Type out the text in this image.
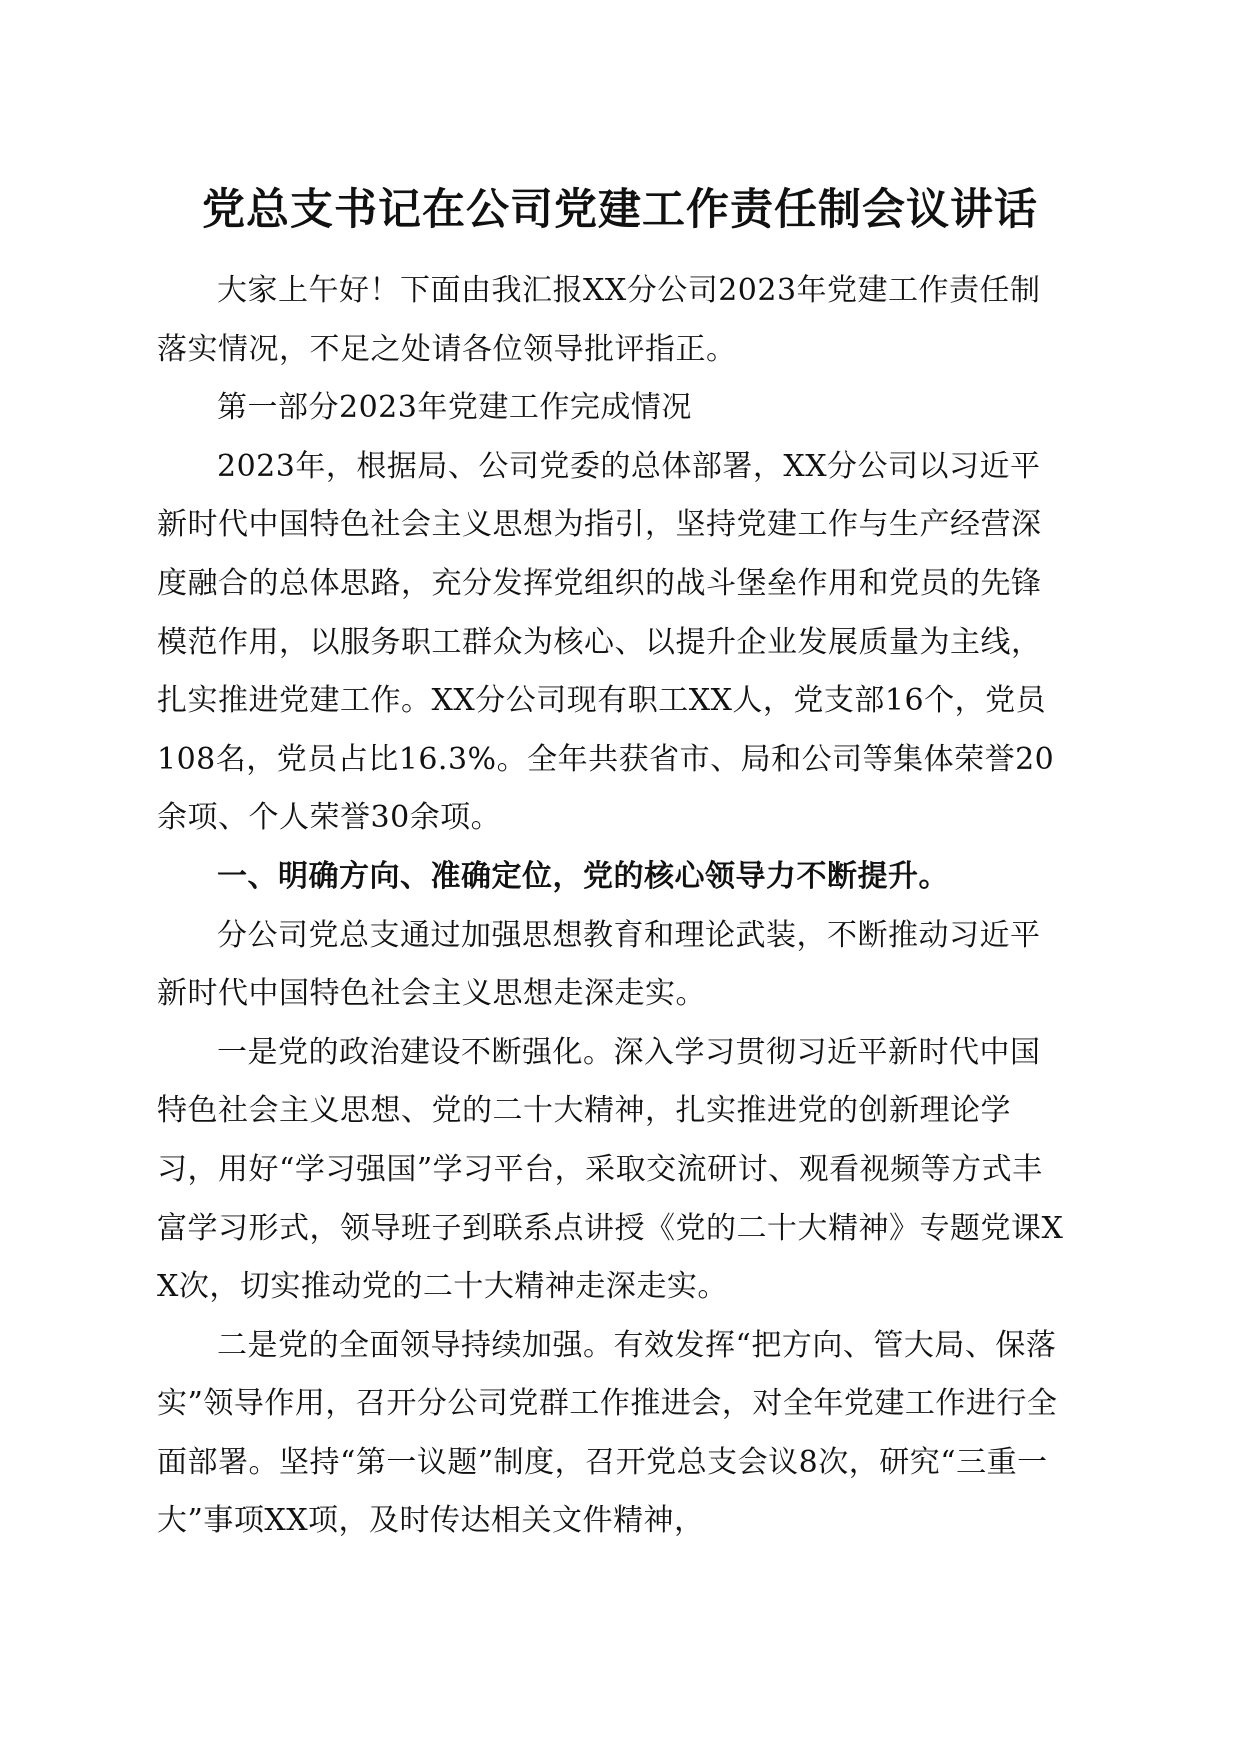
党总支书记在公司党建工作责任制会议讲话

大家上午好！下面由我汇报XX分公司2023年党建工作责任制落实情况，不足之处请各位领导批评指正。

第一部分2023年党建工作完成情况

2023年，根据局、公司党委的总体部署，XX分公司以习近平新时代中国特色社会主义思想为指引，坚持党建工作与生产经营深度融合的总体思路，充分发挥党组织的战斗堡垒作用和党员的先锋模范作用，以服务职工群众为核心、以提升企业发展质量为主线，扎实推进党建工作。XX分公司现有职工XX人，党支部16个，党员108名，党员占比16.3%。全年共获省市、局和公司等集体荣誉20余项、个人荣誉30余项。

一、明确方向、准确定位，党的核心领导力不断提升。

分公司党总支通过加强思想教育和理论武装，不断推动习近平新时代中国特色社会主义思想走深走实。

一是党的政治建设不断强化。深入学习贯彻习近平新时代中国特色社会主义思想、党的二十大精神，扎实推进党的创新理论学习，用好“学习强国”学习平台，采取交流研讨、观看视频等方式丰富学习形式，领导班子到联系点讲授《党的二十大精神》专题党课XX次，切实推动党的二十大精神走深走实。

二是党的全面领导持续加强。有效发挥“把方向、管大局、保落实”领导作用，召开分公司党群工作推进会，对全年党建工作进行全面部署。坚持“第一议题”制度，召开党总支会议8次，研究“三重一大”事项XX项，及时传达相关文件精神，
